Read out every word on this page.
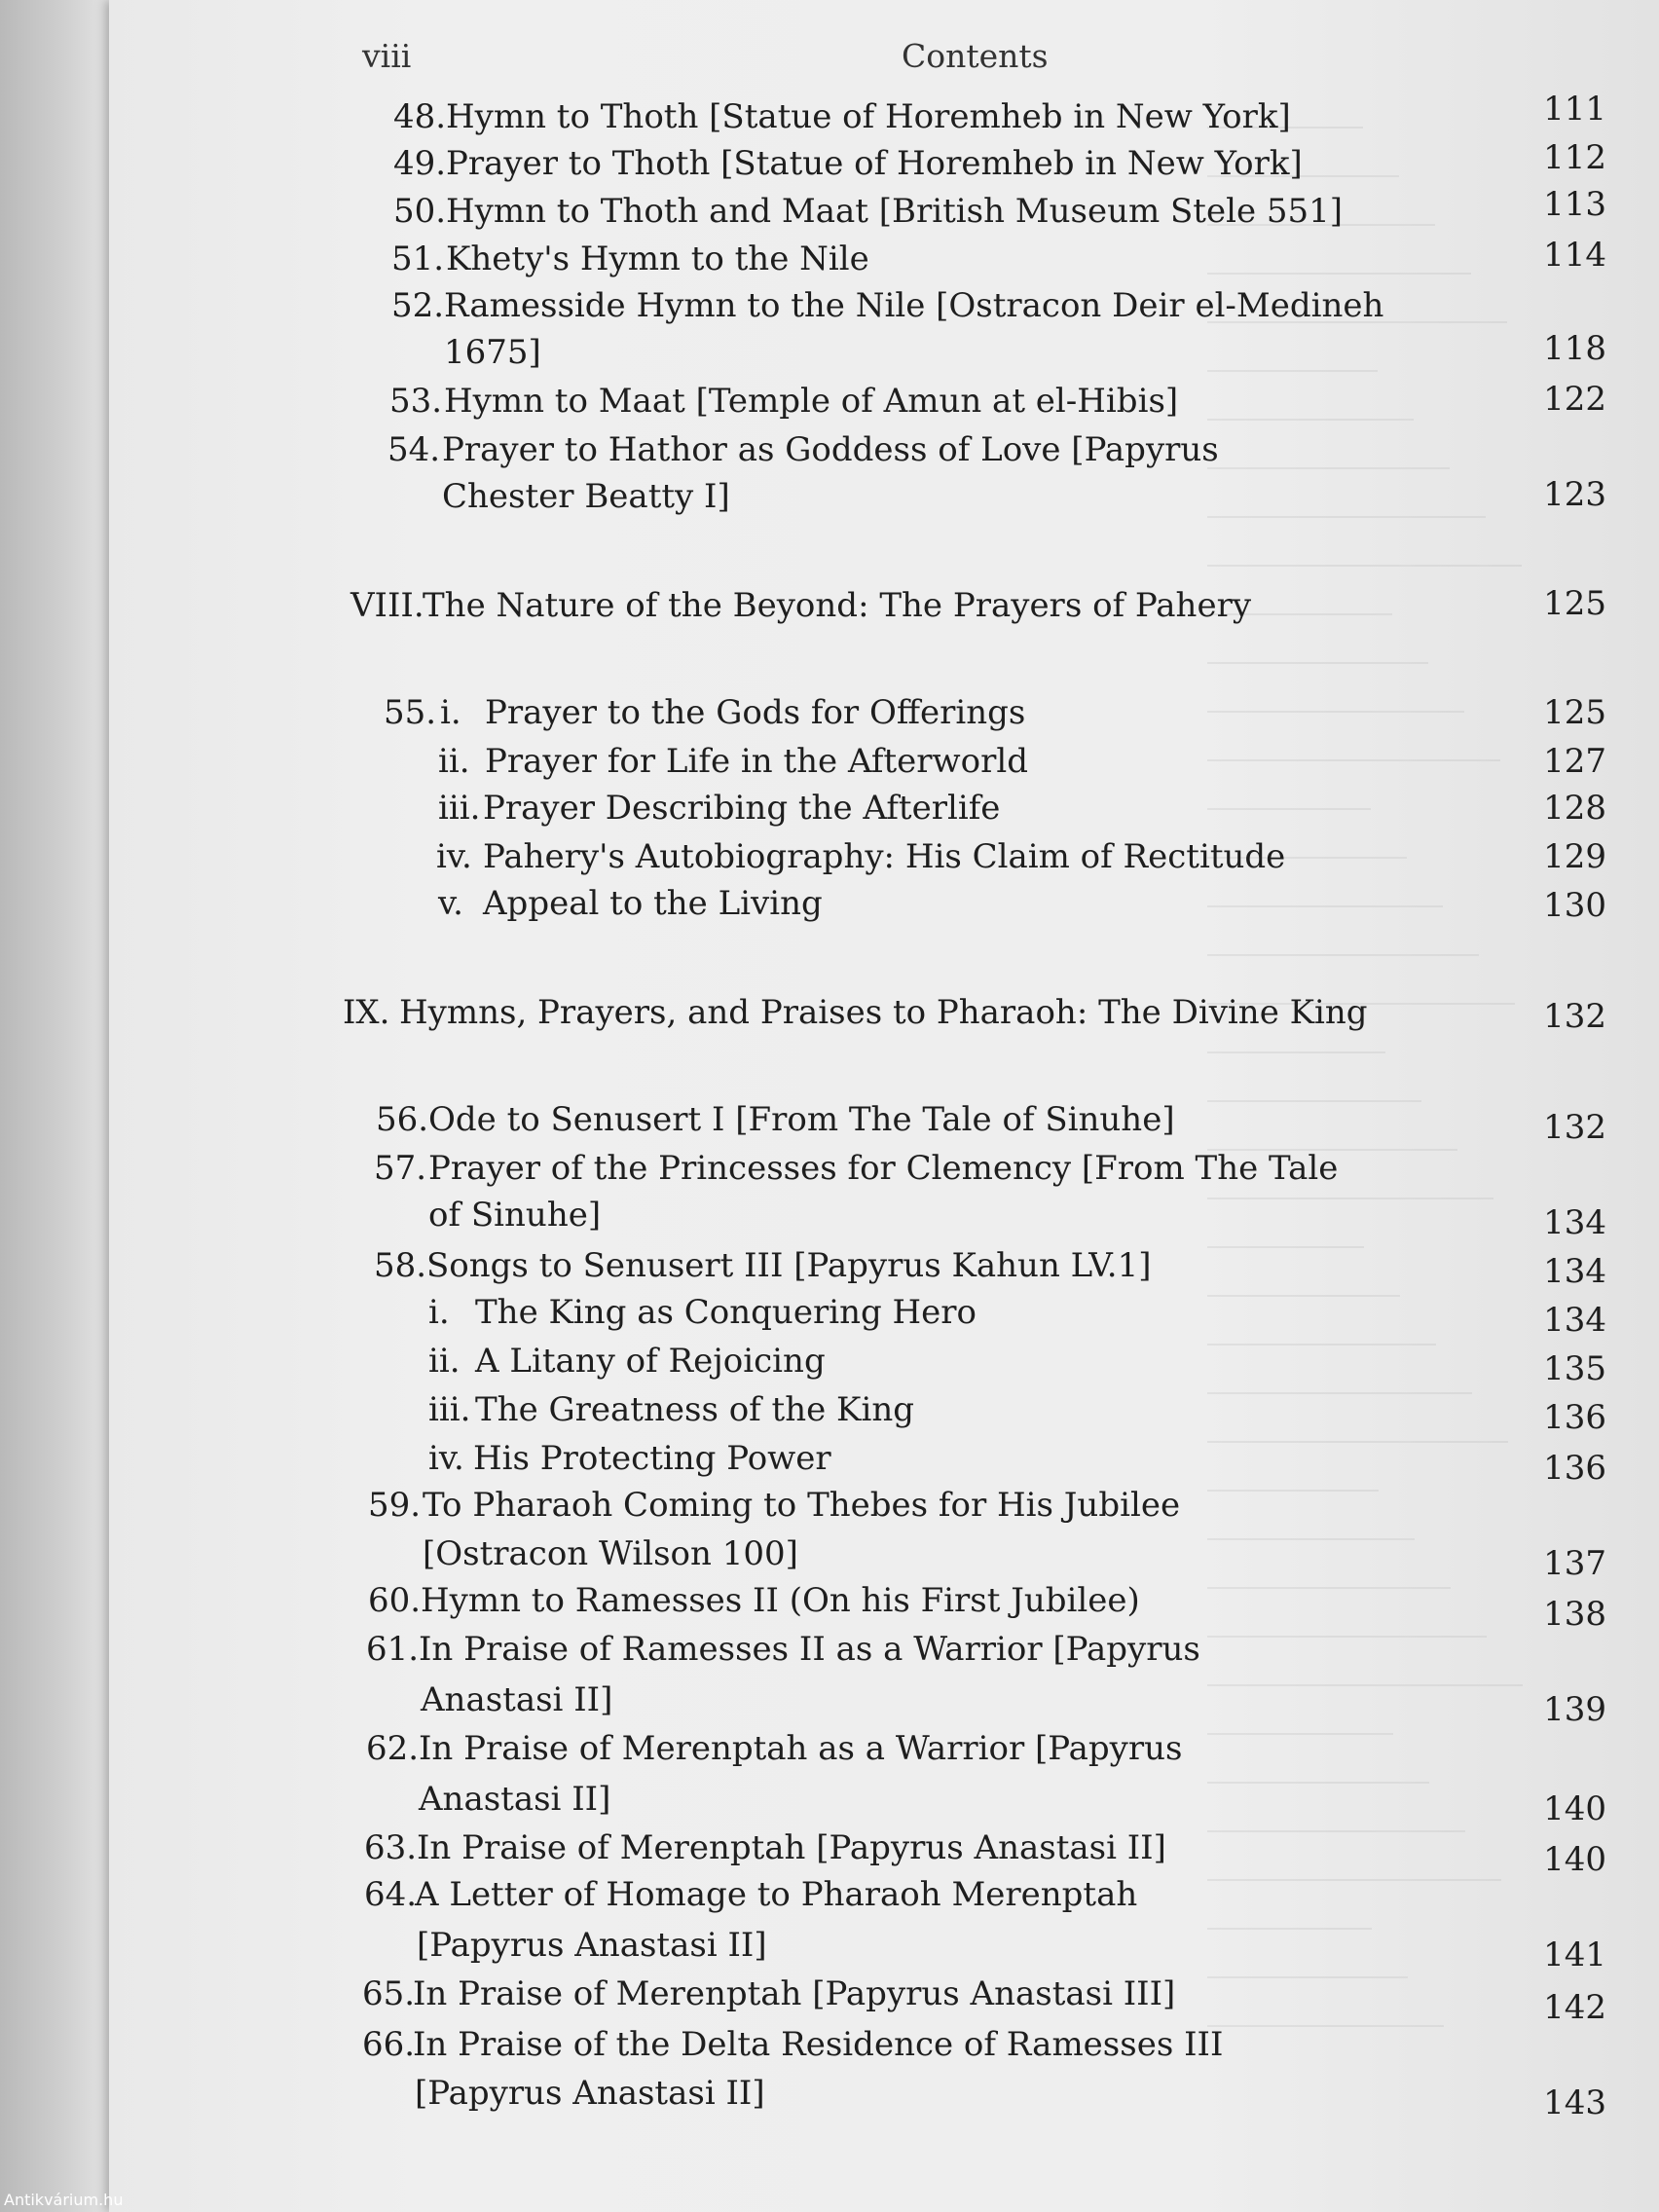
viii	Contents
48. Hymn to Thoth [Statue of Horemheb in New York]	111
49. Prayer to Thoth [Statue of Horemheb in New York]	112
50. Hymn to Thoth and Maat [British Museum Stele 551]	113
51. Khety's Hymn to the Nile	114
52. Ramesside Hymn to the Nile [Ostracon Deir el-Medineh
1675]	118
53. Hymn to Maat [Temple of Amun at el-Hibis]	122
54. Prayer to Hathor as Goddess of Love [Papyrus
Chester Beatty I]	123
VIII.
The Nature of the Beyond: The Prayers of Pahery	125
55. i. Prayer to the Gods for Offerings	125
ii. Prayer for Life in the Afterworld	127
iii. Prayer Describing the Afterlife	128
iv. Pahery's Autobiography: His Claim of Rectitude	129
v. Appeal to the Living	130
IX. Hymns, Prayers, and Praises to Pharaoh: The Divine King	132
56. Ode to Senusert I [From The Tale of Sinuhe]	132
57. Prayer of the Princesses for Clemency [From The Tale
of Sinuhe]	134
58. Songs to Senusert III [Papyrus Kahun LV.1]	134
i. The King as Conquering Hero	134
ii. A Litany of Rejoicing	135
iii. The Greatness of the King	136
iv. His Protecting Power	136
59. To Pharaoh Coming to Thebes for His Jubilee
[Ostracon Wilson 100]	137
60. Hymn to Ramesses II (On his First Jubilee)	138
61. In Praise of Ramesses II as a Warrior [Papyrus
Anastasi II]	139
62. In Praise of Merenptah as a Warrior [Papyrus
Anastasi II]	140
63. In Praise of Merenptah [Papyrus Anastasi II]	140
64.
A Letter of Homage to Pharaoh Merenptah
[Papyrus Anastasi II]	141
65.
In Praise of Merenptah [Papyrus Anastasi III]	142
66.
In Praise of the Delta Residence of Ramesses III
[Papyrus Anastasi II]	143
Antikvárium.hu
